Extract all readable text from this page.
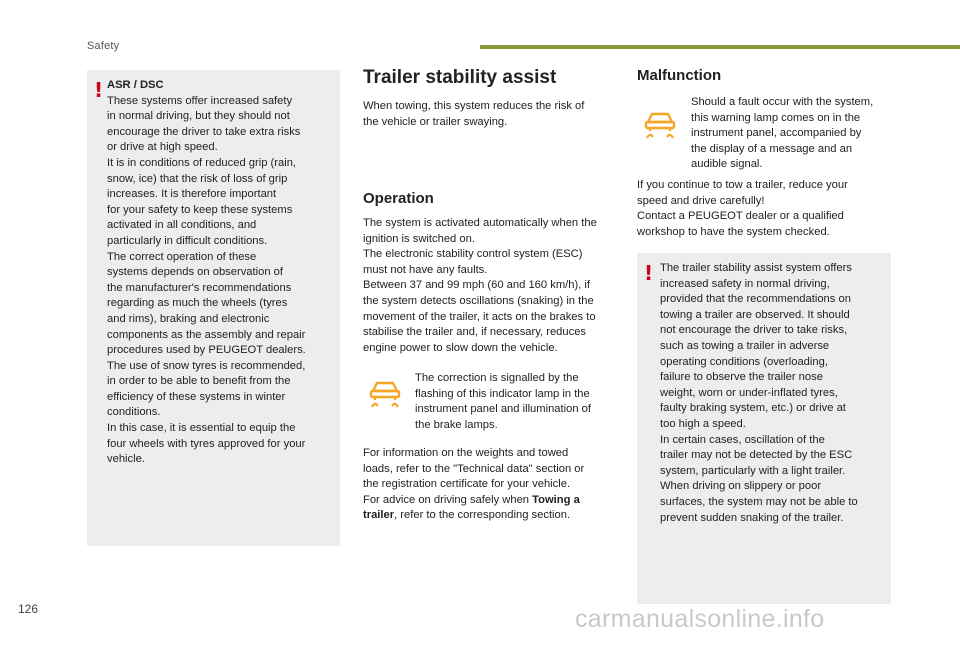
Safety
! ASR / DSC
These systems offer increased safety
in normal driving, but they should not
encourage the driver to take extra risks
or drive at high speed.
It is in conditions of reduced grip (rain,
snow, ice) that the risk of loss of grip
increases. It is therefore important
for your safety to keep these systems
activated in all conditions, and
particularly in difficult conditions.
The correct operation of these
systems depends on observation of
the manufacturer's recommendations
regarding as much the wheels (tyres
and rims), braking and electronic
components as the assembly and repair
procedures used by PEUGEOT dealers.
The use of snow tyres is recommended,
in order to be able to benefit from the
efficiency of these systems in winter
conditions.
In this case, it is essential to equip the
four wheels with tyres approved for your
vehicle.
Trailer stability assist
When towing, this system reduces the risk of
the vehicle or trailer swaying.
Operation
The system is activated automatically when the
ignition is switched on.
The electronic stability control system (ESC)
must not have any faults.
Between 37 and 99 mph (60 and 160 km/h), if
the system detects oscillations (snaking) in the
movement of the trailer, it acts on the brakes to
stabilise the trailer and, if necessary, reduces
engine power to slow down the vehicle.
The correction is signalled by the
flashing of this indicator lamp in the
instrument panel and illumination of
the brake lamps.
For information on the weights and towed
loads, refer to the "Technical data" section or
the registration certificate for your vehicle.
For advice on driving safely when Towing a
trailer, refer to the corresponding section.
Malfunction
Should a fault occur with the system,
this warning lamp comes on in the
instrument panel, accompanied by
the display of a message and an
audible signal.
If you continue to tow a trailer, reduce your
speed and drive carefully!
Contact a PEUGEOT dealer or a qualified
workshop to have the system checked.
! The trailer stability assist system offers
increased safety in normal driving,
provided that the recommendations on
towing a trailer are observed. It should
not encourage the driver to take risks,
such as towing a trailer in adverse
operating conditions (overloading,
failure to observe the trailer nose
weight, worn or under-inflated tyres,
faulty braking system, etc.) or drive at
too high a speed.
In certain cases, oscillation of the
trailer may not be detected by the ESC
system, particularly with a light trailer.
When driving on slippery or poor
surfaces, the system may not be able to
prevent sudden snaking of the trailer.
126	carmanualsonline.info
